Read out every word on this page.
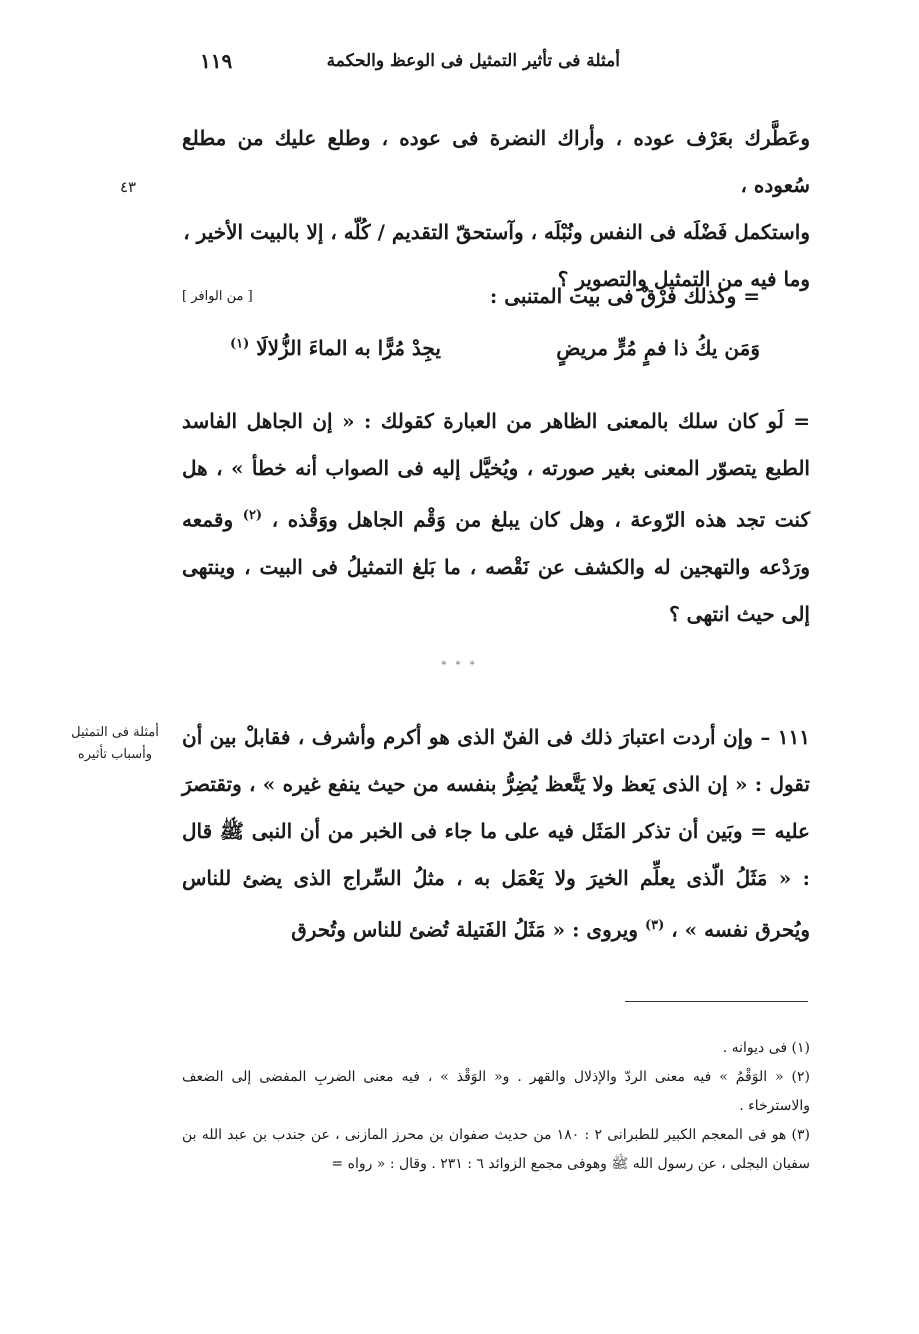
أمثلة فى تأثير التمثيل فى الوعظ والحكمة
١١٩
٤٣
أمثلة فى التمثيل
وأسباب تأثيره

وعَطَّرك بعَرْف عوده ، وأراك النضرة فى عوده ، وطلع عليك من مطلع سُعوده ،

واستكمل فَضْلَه فى النفس ونُبْلَه ، وآستحقّ التقديم / كُلّه ، إلا بالبيت الأخير ،

وما فيه من التمثيل والتصوير ؟

= وكذلك فرْقٌ فى بيت المتنبى :
[ من الوافر ]
وَمَن يكُ ذا فمٍ مُرٍّ مريضٍ
يجِدْ مُرًّا به الماءَ الزُّلالَا $^{(١)}$

= لَو كان سلك بالمعنى الظاهر من العبارة كقولك : « إن الجاهل الفاسد الطبع يتصوّر المعنى بغير صورته ، ويُخيَّل إليه فى الصواب أنه خطأ » ، هل كنت تجد هذه الرّوعة ، وهل كان يبلغ من وَقْم الجاهل ووَقْذه ، $^{(٢)}$ وقمعه ورَدْعه والتهجين له والكشف عن نَقْصه ، ما بَلغ التمثيلُ فى البيت ، وينتهى إلى حيث انتهى ؟

* * *

١١١ – وإن أردت اعتبارَ ذلك فى الفنّ الذى هو أكرم وأشرف ، فقابلْ بين أن تقول : « إن الذى يَعظ ولا يَتَّعظ يُضِرُّ بنفسه من حيث ينفع غيره » ، وتقتصرَ عليه = وبَين أن تذكر المَثَل فيه على ما جاء فى الخبر من أن النبى ﷺ قال : « مَثَلُ الّذى يعلِّم الخيرَ ولا يَعْمَل به ، مثلُ السِّراج الذى يضئ للناس ويُحرق نفسه » ، $^{(٣)}$ ويروى : « مَثَلُ الفَتيلة تُضئ للناس وتُحرق

(١) فى ديوانه .

(٢) « الوَقْمُ » فيه معنى الردّ والإذلال والقهر . و« الوَقْذ » ، فيه معنى الضربِ المفضى إلى الضعف والاسترخاء .

(٣) هو فى المعجم الكبير للطبرانى ٢ : ١٨٠ من حديث صفوان بن محرز المازنى ، عن جندب بن عبد الله بن سفيان البجلى ، عن رسول الله ﷺ وهوفى مجمع الزوائد ٦ : ٢٣١ . وقال : « رواه =
